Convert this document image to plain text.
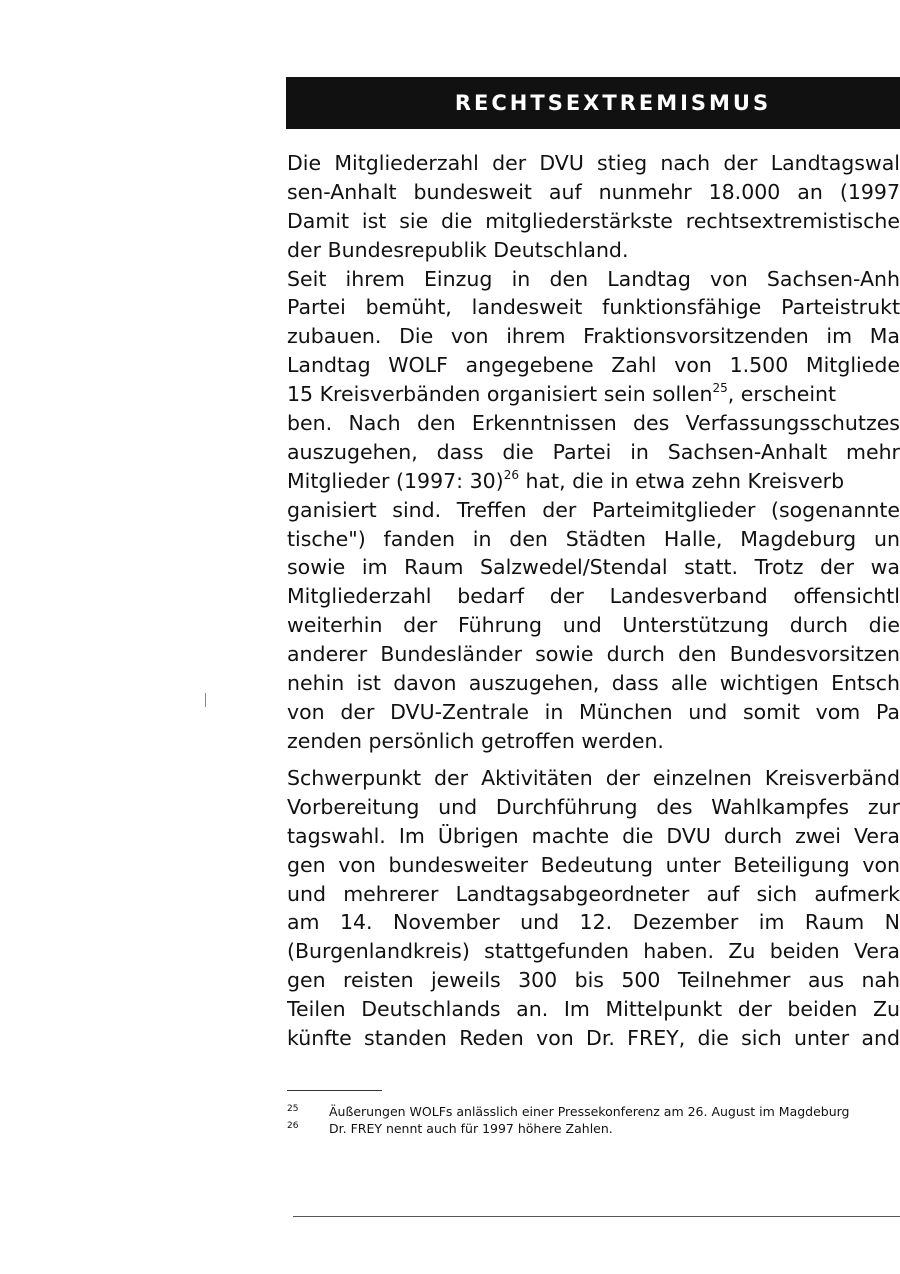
RECHTSEXTREMISMUS
Die Mitgliederzahl der DVU stieg nach der Landtagswal
sen-Anhalt bundesweit auf nunmehr 18.000 an (1997
Damit ist sie die mitgliederstärkste rechtsextremistische
der Bundesrepublik Deutschland.
Seit ihrem Einzug in den Landtag von Sachsen-Anh
Partei bemüht, landesweit funktionsfähige Parteistrukt
zubauen. Die von ihrem Fraktionsvorsitzenden im Ma
Landtag WOLF angegebene Zahl von 1.500 Mitgliede
15 Kreisverbänden organisiert sein sollen$^{25}$, erscheint
ben. Nach den Erkenntnissen des Verfassungsschutzes
auszugehen, dass die Partei in Sachsen-Anhalt mehr
Mitglieder (1997: 30)$^{26}$ hat, die in etwa zehn Kreisverb
ganisiert sind. Treffen der Parteimitglieder (sogenannte
tische") fanden in den Städten Halle, Magdeburg un
sowie im Raum Salzwedel/Stendal statt. Trotz der wa
Mitgliederzahl bedarf der Landesverband offensichtl
weiterhin der Führung und Unterstützung durch die
anderer Bundesländer sowie durch den Bundesvorsitzen
nehin ist davon auszugehen, dass alle wichtigen Entsch
von der DVU-Zentrale in München und somit vom Pa
zenden persönlich getroffen werden.
Schwerpunkt der Aktivitäten der einzelnen Kreisverbänd
Vorbereitung und Durchführung des Wahlkampfes zur
tagswahl. Im Übrigen machte die DVU durch zwei Vera
gen von bundesweiter Bedeutung unter Beteiligung von
und mehrerer Landtagsabgeordneter auf sich aufmerk
am 14. November und 12. Dezember im Raum N
(Burgenlandkreis) stattgefunden haben. Zu beiden Vera
gen reisten jeweils 300 bis 500 Teilnehmer aus nah
Teilen Deutschlands an. Im Mittelpunkt der beiden Zu
künfte standen Reden von Dr. FREY, die sich unter and
25	Äußerungen WOLFs anlässlich einer Pressekonferenz am 26. August im Magdeburg
26	Dr. FREY nennt auch für 1997 höhere Zahlen.
